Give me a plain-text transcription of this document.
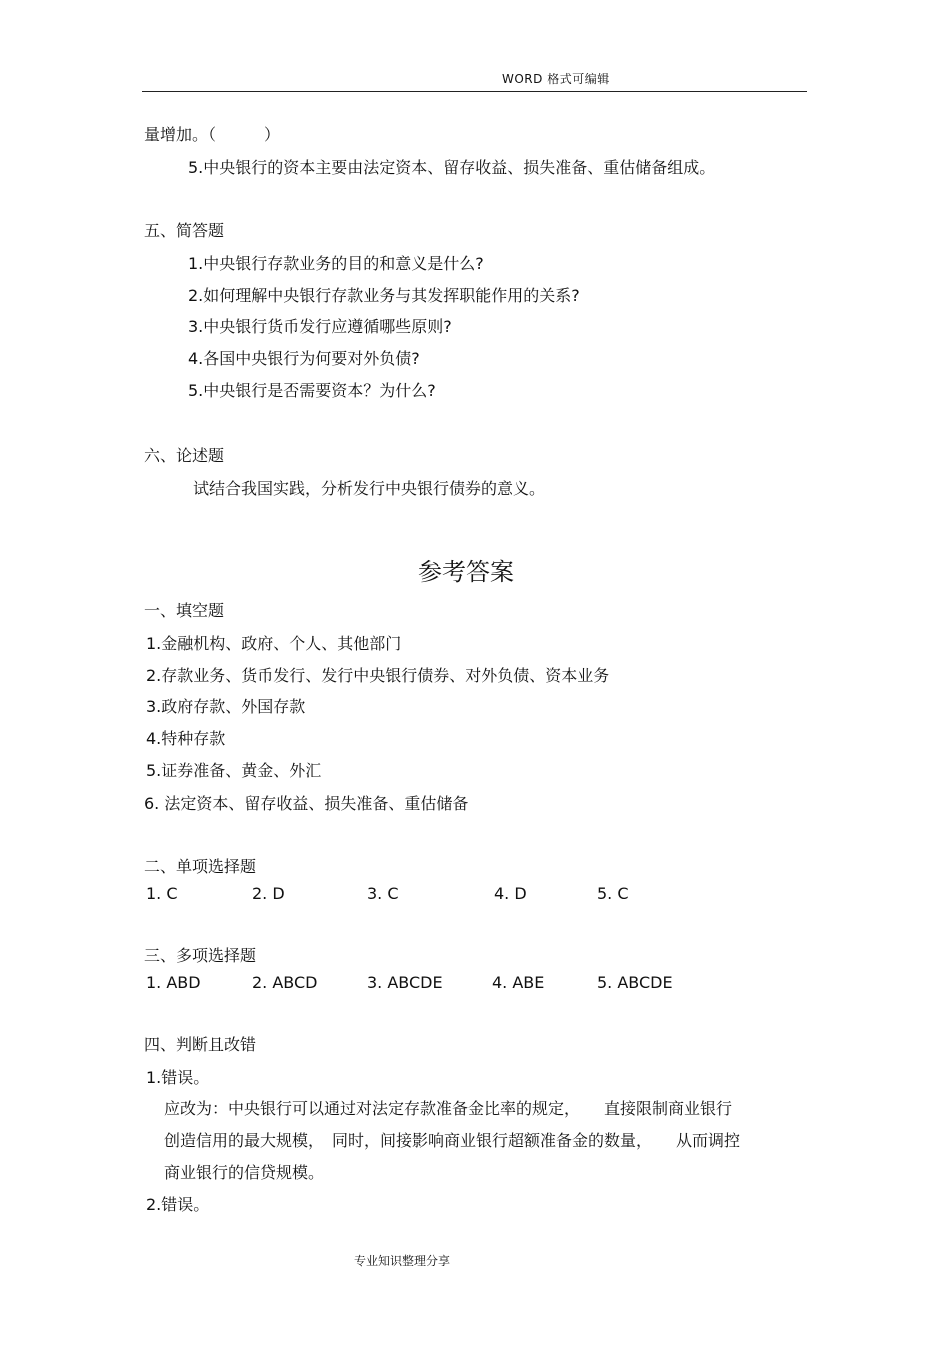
WORD 格式可编辑
量增加。（　　　）
5.中央银行的资本主要由法定资本、留存收益、损失准备、重估储备组成。
五、简答题
1.中央银行存款业务的目的和意义是什么?
2.如何理解中央银行存款业务与其发挥职能作用的关系?
3.中央银行货币发行应遵循哪些原则?
4.各国中央银行为何要对外负债?
5.中央银行是否需要资本？为什么?
六、论述题
试结合我国实践，分析发行中央银行债券的意义。
参考答案
一、填空题
1.金融机构、政府、个人、其他部门
2.存款业务、货币发行、发行中央银行债券、对外负债、资本业务
3.政府存款、外国存款
4.特种存款
5.证券准备、黄金、外汇
6. 法定资本、留存收益、损失准备、重估储备
二、单项选择题
1. C	2. D	3. C	4. D	5. C
三、多项选择题
1. ABD	2. ABCD	3. ABCDE	4. ABE	5. ABCDE
四、判断且改错
1.错误。
应改为：中央银行可以通过对法定存款准备金比率的规定，　　直接限制商业银行
创造信用的最大规模，　同时，间接影响商业银行超额准备金的数量，　　从而调控
商业银行的信贷规模。
2.错误。
专业知识整理分享
